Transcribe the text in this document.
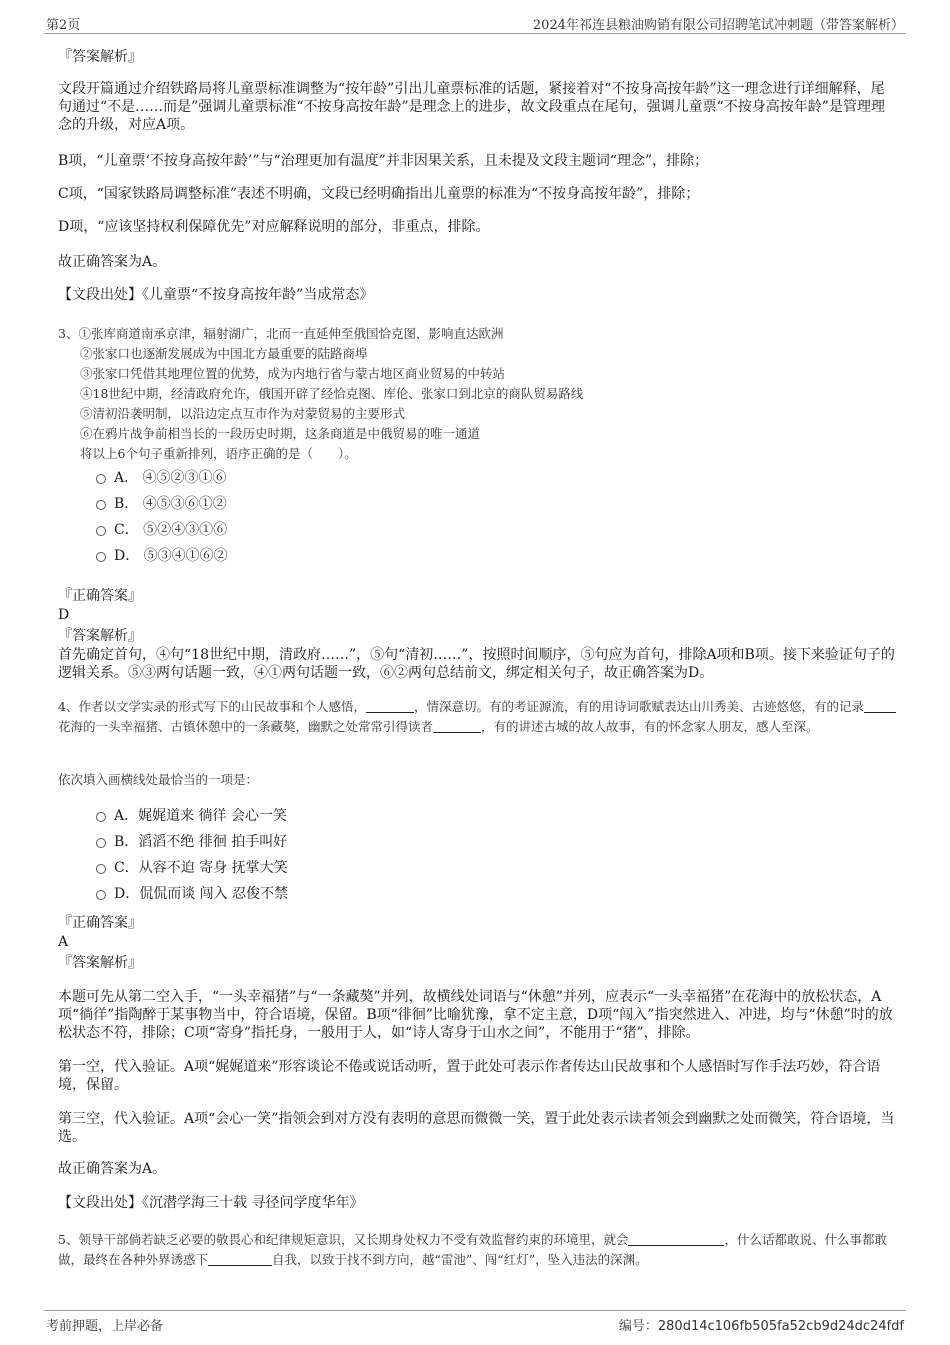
第2页	2024年祁连县粮油购销有限公司招聘笔试冲刺题（带答案解析）
『答案解析』
文段开篇通过介绍铁路局将儿童票标准调整为“按年龄”引出儿童票标准的话题，紧接着对“不按身高按年龄”这一理念进行详细解释，尾句通过“不是……而是”强调儿童票标准“不按身高按年龄”是理念上的进步，故文段重点在尾句，强调儿童票“不按身高按年龄”是管理理念的升级，对应A项。
B项，“儿童票‘不按身高按年龄’”与“治理更加有温度”并非因果关系，且未提及文段主题词“理念”，排除；
C项，“国家铁路局调整标准”表述不明确，文段已经明确指出儿童票的标准为“不按身高按年龄”，排除；
D项，“应该坚持权利保障优先”对应解释说明的部分，非重点，排除。
故正确答案为A。
【文段出处】《儿童票“不按身高按年龄”当成常态》
3、①张库商道南承京津，辐射湖广，北而一直延伸至俄国恰克图，影响直达欧洲
②张家口也逐渐发展成为中国北方最重要的陆路商埠
③张家口凭借其地理位置的优势，成为内地行省与蒙古地区商业贸易的中转站
④18世纪中期，经清政府允许，俄国开辟了经恰克图、库伦、张家口到北京的商队贸易路线
⑤清初沿袭明制，以沿边定点互市作为对蒙贸易的主要形式
⑥在鸦片战争前相当长的一段历史时期，这条商道是中俄贸易的唯一通道
将以上6个句子重新排列，语序正确的是（　　）。
A． ④⑤②③①⑥
B． ④⑤③⑥①②
C． ⑤②④③①⑥
D． ⑤③④①⑥②
『正确答案』
D
『答案解析』
首先确定首句，④句“18世纪中期，清政府……”，⑤句“清初……”，按照时间顺序，⑤句应为首句，排除A项和B项。接下来验证句子的逻辑关系。⑤③两句话题一致，④①两句话题一致，⑥②两句总结前文，绑定相关句子，故正确答案为D。
4、作者以文学实录的形式写下的山民故事和个人感悟，	，情深意切。有的考证源流，有的用诗词歌赋表达山川秀美、古迹悠悠，有的记录花海的一头幸福猪、古镇休憩中的一条藏獒，幽默之处常常引得读者	，有的讲述古城的故人故事，有的怀念家人朋友，感人至深。
依次填入画横线处最恰当的一项是：
A．娓娓道来 徜徉 会心一笑
B．滔滔不绝 徘徊 拍手叫好
C．从容不迫 寄身 抚掌大笑
D．侃侃而谈 闯入 忍俊不禁
『正确答案』
A
『答案解析』
本题可先从第二空入手，“一头幸福猪”与“一条藏獒”并列，故横线处词语与“休憩”并列，应表示“一头幸福猪”在花海中的放松状态，A项“徜徉”指陶醉于某事物当中，符合语境，保留。B项“徘徊”比喻犹豫，拿不定主意，D项“闯入”指突然进入、冲进，均与“休憩”时的放松状态不符，排除；C项“寄身”指托身，一般用于人，如“诗人寄身于山水之间”，不能用于“猪”，排除。
第一空，代入验证。A项“娓娓道来”形容谈论不倦或说话动听，置于此处可表示作者传达山民故事和个人感悟时写作手法巧妙，符合语境，保留。
第三空，代入验证。A项“会心一笑”指领会到对方没有表明的意思而微微一笑，置于此处表示读者领会到幽默之处而微笑，符合语境，当选。
故正确答案为A。
【文段出处】《沉潜学海三十载 寻径问学度华年》
5、领导干部倘若缺乏必要的敬畏心和纪律规矩意识，又长期身处权力不受有效监督约束的环境里，就会	，什么话都敢说、什么事都敢做，最终在各种外界诱惑下	自我，以致于找不到方向，越“雷池”、闯“红灯”，坠入违法的深渊。
考前押题，上岸必备	编号：280d14c106fb505fa52cb9d24dc24fdf
